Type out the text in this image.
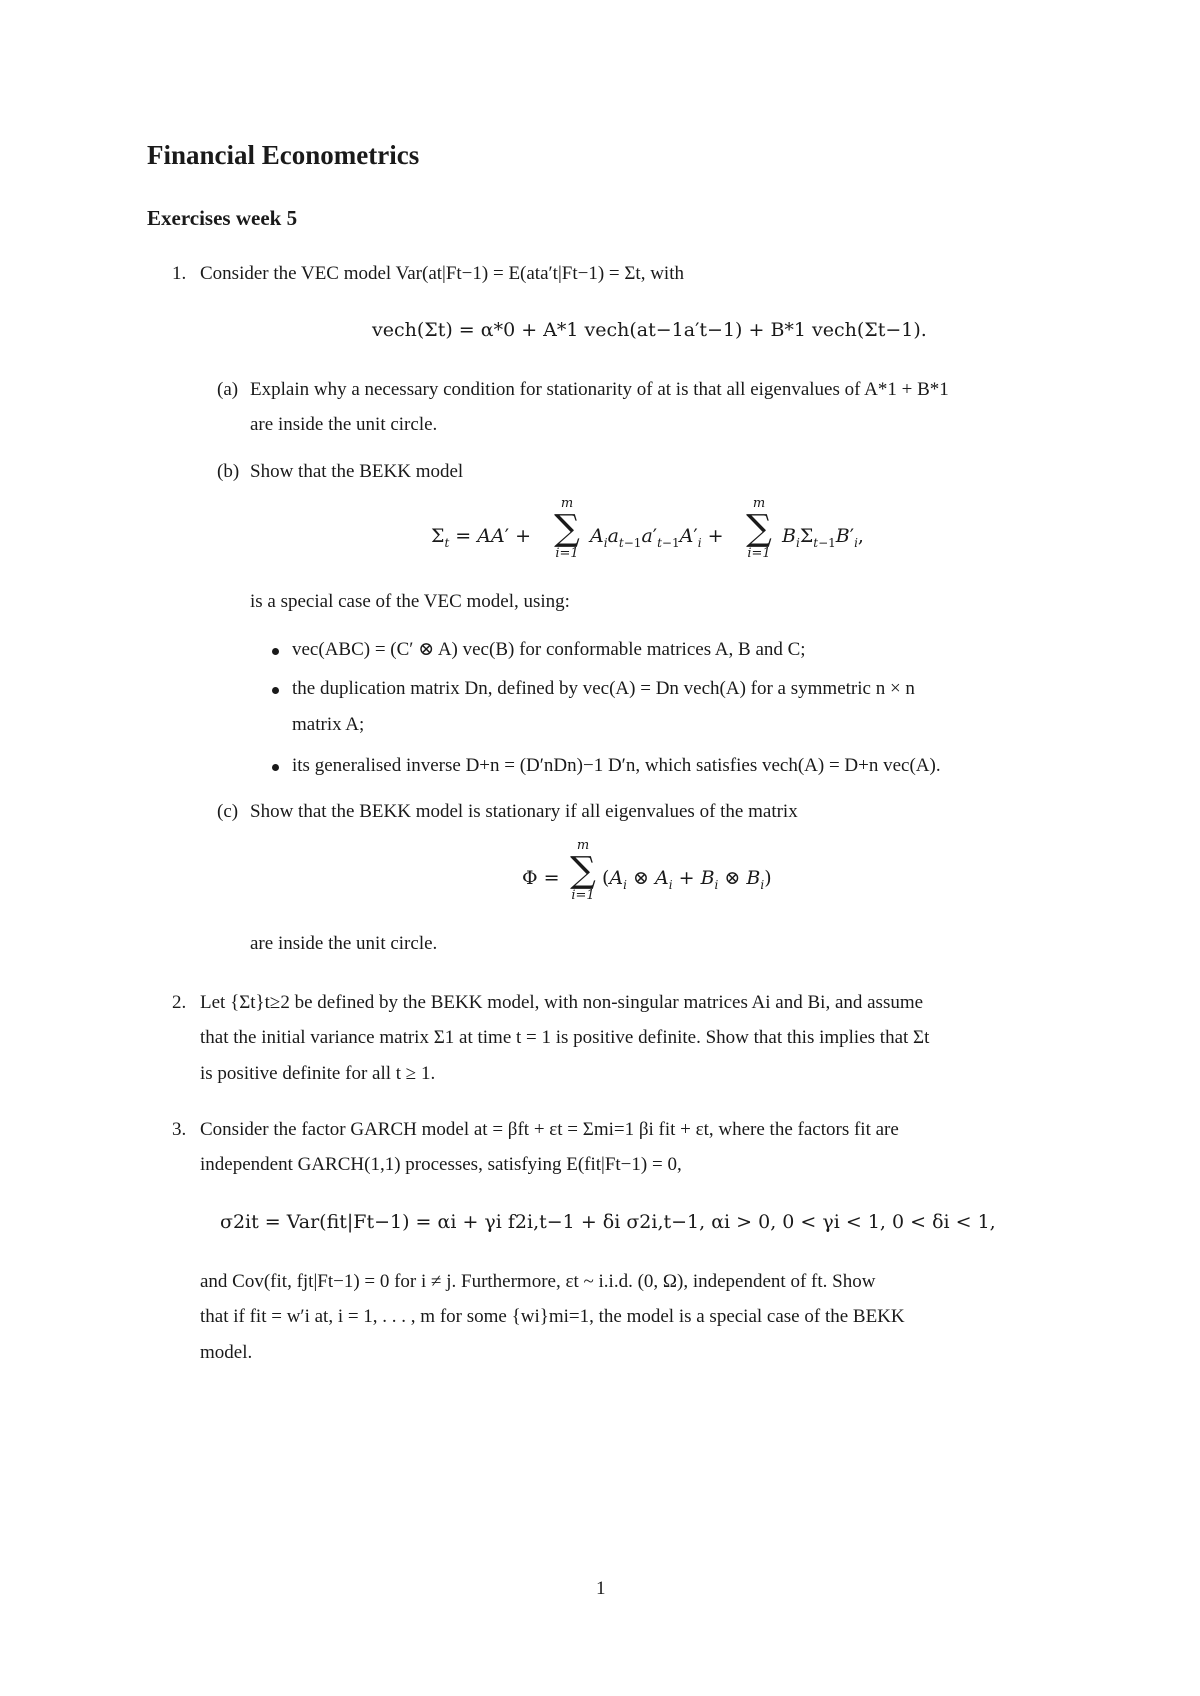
Financial Econometrics
Exercises week 5
1. Consider the VEC model Var(at|Ft−1) = E(ata′t|Ft−1) = Σt, with
vech(Σt) = α*0 + A*1 vech(at−1a′t−1) + B*1 vech(Σt−1).
(a) Explain why a necessary condition for stationarity of at is that all eigenvalues of A*1 + B*1
are inside the unit circle.
(b) Show that the BEKK model
$\Sigma_t = AA'$ +
m
∑
i=1
$A_ia_{t-1}a'_{t-1}A'_i$ +
m
∑
i=1
$B_i\Sigma_{t-1}B'_i$,
is a special case of the VEC model, using:
vec(ABC) = (C′ ⊗ A) vec(B) for conformable matrices A, B and C;
the duplication matrix Dn, defined by vec(A) = Dn vech(A) for a symmetric n × n
matrix A;
its generalised inverse D+n = (D′nDn)−1 D′n, which satisfies vech(A) = D+n vec(A).
(c) Show that the BEKK model is stationary if all eigenvalues of the matrix
Φ =
m
∑
i=1
($A_i$ ⊗ $A_i + B_i$ ⊗ $B_i$)
are inside the unit circle.
2. Let {Σt}t≥2 be defined by the BEKK model, with non-singular matrices Ai and Bi, and assume
that the initial variance matrix Σ1 at time t = 1 is positive definite. Show that this implies that Σt
is positive definite for all t ≥ 1.
3. Consider the factor GARCH model at = βft + εt = Σmi=1 βi fit + εt, where the factors fit are
independent GARCH(1,1) processes, satisfying E(fit|Ft−1) = 0,
σ2it = Var(fit|Ft−1) = αi + γi f2i,t−1 + δi σ2i,t−1, αi > 0, 0 < γi < 1, 0 < δi < 1,
and Cov(fit, fjt|Ft−1) = 0 for i ≠ j. Furthermore, εt ~ i.i.d. (0, Ω), independent of ft. Show
that if fit = w′i at, i = 1, . . . , m for some {wi}mi=1, the model is a special case of the BEKK
model.
1
